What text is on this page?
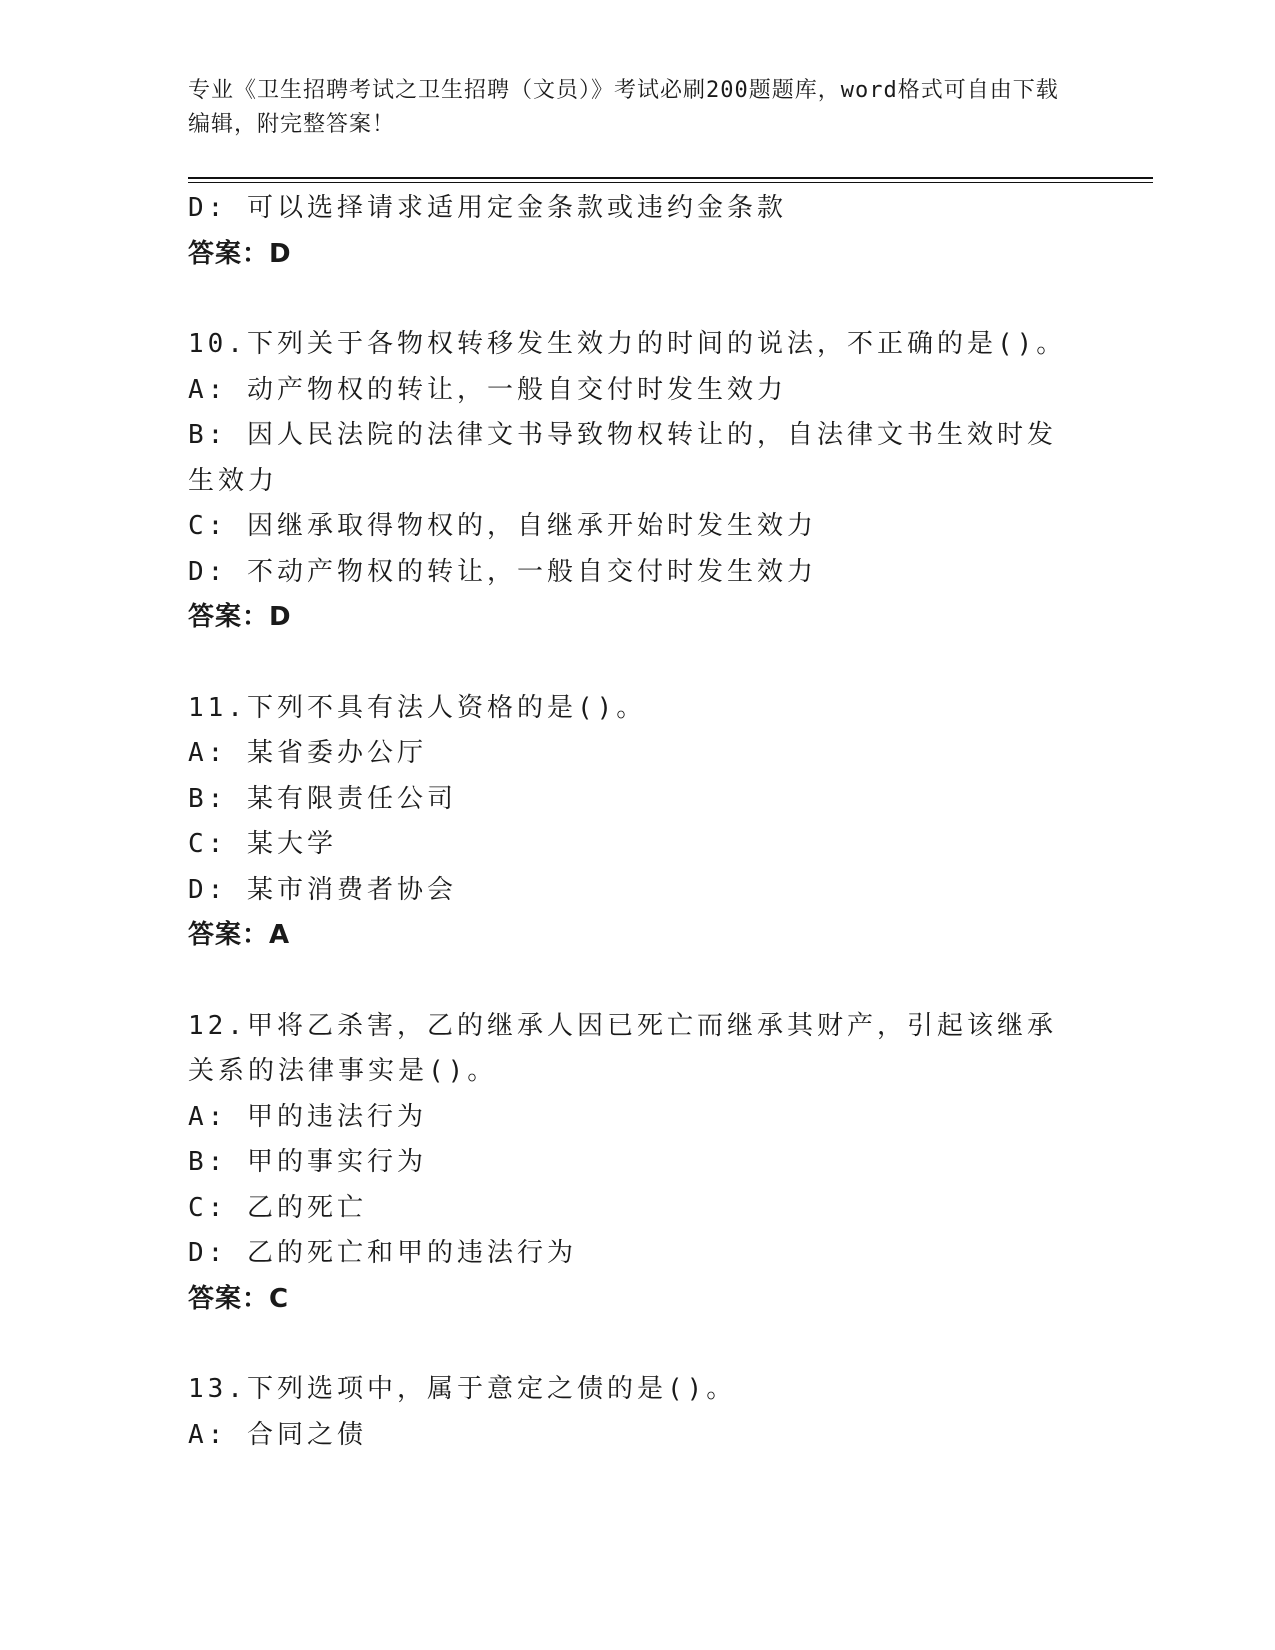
专业《卫生招聘考试之卫生招聘（文员）》考试必刷200题题库，word格式可自由下载编辑，附完整答案！
D: 可以选择请求适用定金条款或违约金条款
答案：D
10.下列关于各物权转移发生效力的时间的说法，不正确的是()。
A: 动产物权的转让，一般自交付时发生效力
B: 因人民法院的法律文书导致物权转让的，自法律文书生效时发生效力
C: 因继承取得物权的，自继承开始时发生效力
D: 不动产物权的转让，一般自交付时发生效力
答案：D
11.下列不具有法人资格的是()。
A: 某省委办公厅
B: 某有限责任公司
C: 某大学
D: 某市消费者协会
答案：A
12.甲将乙杀害，乙的继承人因已死亡而继承其财产，引起该继承关系的法律事实是()。
A: 甲的违法行为
B: 甲的事实行为
C: 乙的死亡
D: 乙的死亡和甲的违法行为
答案：C
13.下列选项中，属于意定之债的是()。
A: 合同之债
